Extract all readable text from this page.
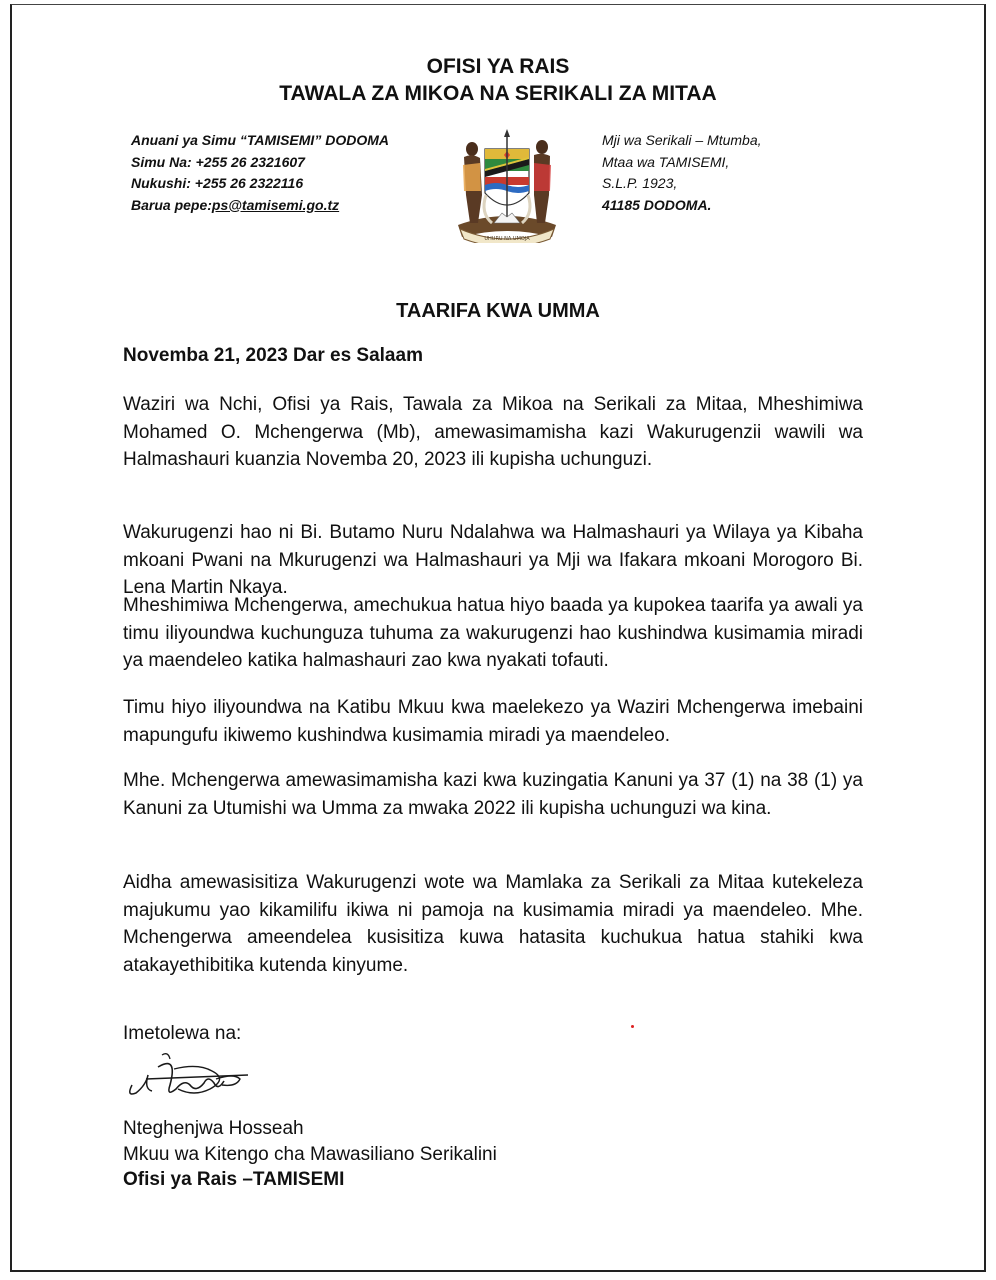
OFISI YA RAIS
TAWALA ZA MIKOA NA SERIKALI ZA MITAA
Anuani ya Simu “TAMISEMI” DODOMA
Simu Na: +255 26 2321607
Nukushi: +255 26 2322116
Barua pepe:ps@tamisemi.go.tz
UHURU NA UMOJA
Mji wa Serikali – Mtumba,
Mtaa wa TAMISEMI,
S.L.P. 1923,
41185 DODOMA.
TAARIFA KWA UMMA
Novemba 21, 2023 Dar es Salaam

Waziri wa Nchi, Ofisi ya Rais, Tawala za Mikoa na Serikali za Mitaa, Mheshimiwa Mohamed O. Mchengerwa (Mb), amewasimamisha kazi Wakurugenzii wawili wa Halmashauri kuanzia Novemba 20, 2023 ili kupisha uchunguzi.

Wakurugenzi hao ni Bi. Butamo Nuru Ndalahwa wa Halmashauri ya Wilaya ya Kibaha mkoani Pwani na Mkurugenzi wa Halmashauri ya Mji wa Ifakara mkoani Morogoro Bi. Lena Martin Nkaya.

Mheshimiwa Mchengerwa, amechukua hatua hiyo baada ya kupokea taarifa ya awali ya timu iliyoundwa kuchunguza tuhuma za wakurugenzi hao kushindwa kusimamia miradi ya maendeleo katika halmashauri zao kwa nyakati tofauti.

Timu hiyo iliyoundwa na Katibu Mkuu kwa maelekezo ya Waziri Mchengerwa imebaini mapungufu ikiwemo kushindwa kusimamia miradi ya maendeleo.

Mhe. Mchengerwa amewasimamisha kazi kwa kuzingatia Kanuni ya 37 (1) na 38 (1) ya Kanuni za Utumishi wa Umma za mwaka 2022 ili kupisha uchunguzi wa kina.

Aidha amewasisitiza Wakurugenzi wote wa Mamlaka za Serikali za Mitaa kutekeleza majukumu yao kikamilifu ikiwa ni pamoja na kusimamia miradi ya maendeleo. Mhe. Mchengerwa ameendelea kusisitiza kuwa hatasita kuchukua hatua stahiki kwa atakayethibitika kutenda kinyume.

Imetolewa na:
Nteghenjwa Hosseah
Mkuu wa Kitengo cha Mawasiliano Serikalini
Ofisi ya Rais –TAMISEMI
